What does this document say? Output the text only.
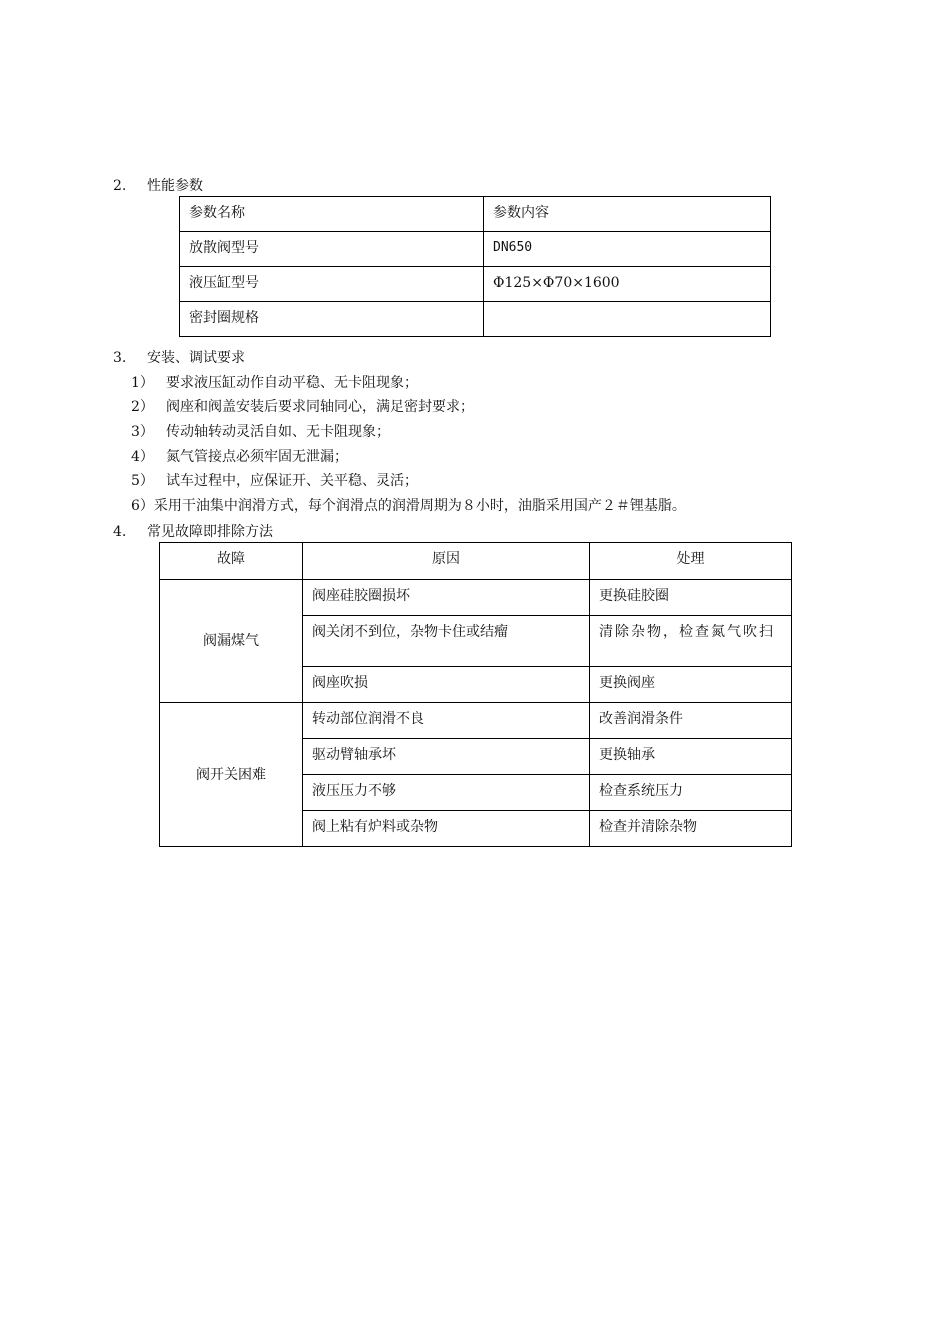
2. 性能参数
参数名称	参数内容
放散阀型号	DN650
液压缸型号	Φ125×Φ70×1600
密封圈规格	
3. 安装、调试要求
1） 要求液压缸动作自动平稳、无卡阻现象；
2） 阀座和阀盖安装后要求同轴同心，满足密封要求；
3） 传动轴转动灵活自如、无卡阻现象；
4） 氮气管接点必须牢固无泄漏；
5） 试车过程中，应保证开、关平稳、灵活；
6）采用干油集中润滑方式，每个润滑点的润滑周期为８小时，油脂采用国产２＃锂基脂。
4. 常见故障即排除方法
故障	原因	处理
阀漏煤气	阀座硅胶圈损坏	更换硅胶圈
	阀关闭不到位，杂物卡住或结瘤	清除杂物，检查氮气吹扫
	阀座吹损	更换阀座
阀开关困难	转动部位润滑不良	改善润滑条件
	驱动臂轴承坏	更换轴承
	液压压力不够	检查系统压力
	阀上粘有炉料或杂物	检查并清除杂物
